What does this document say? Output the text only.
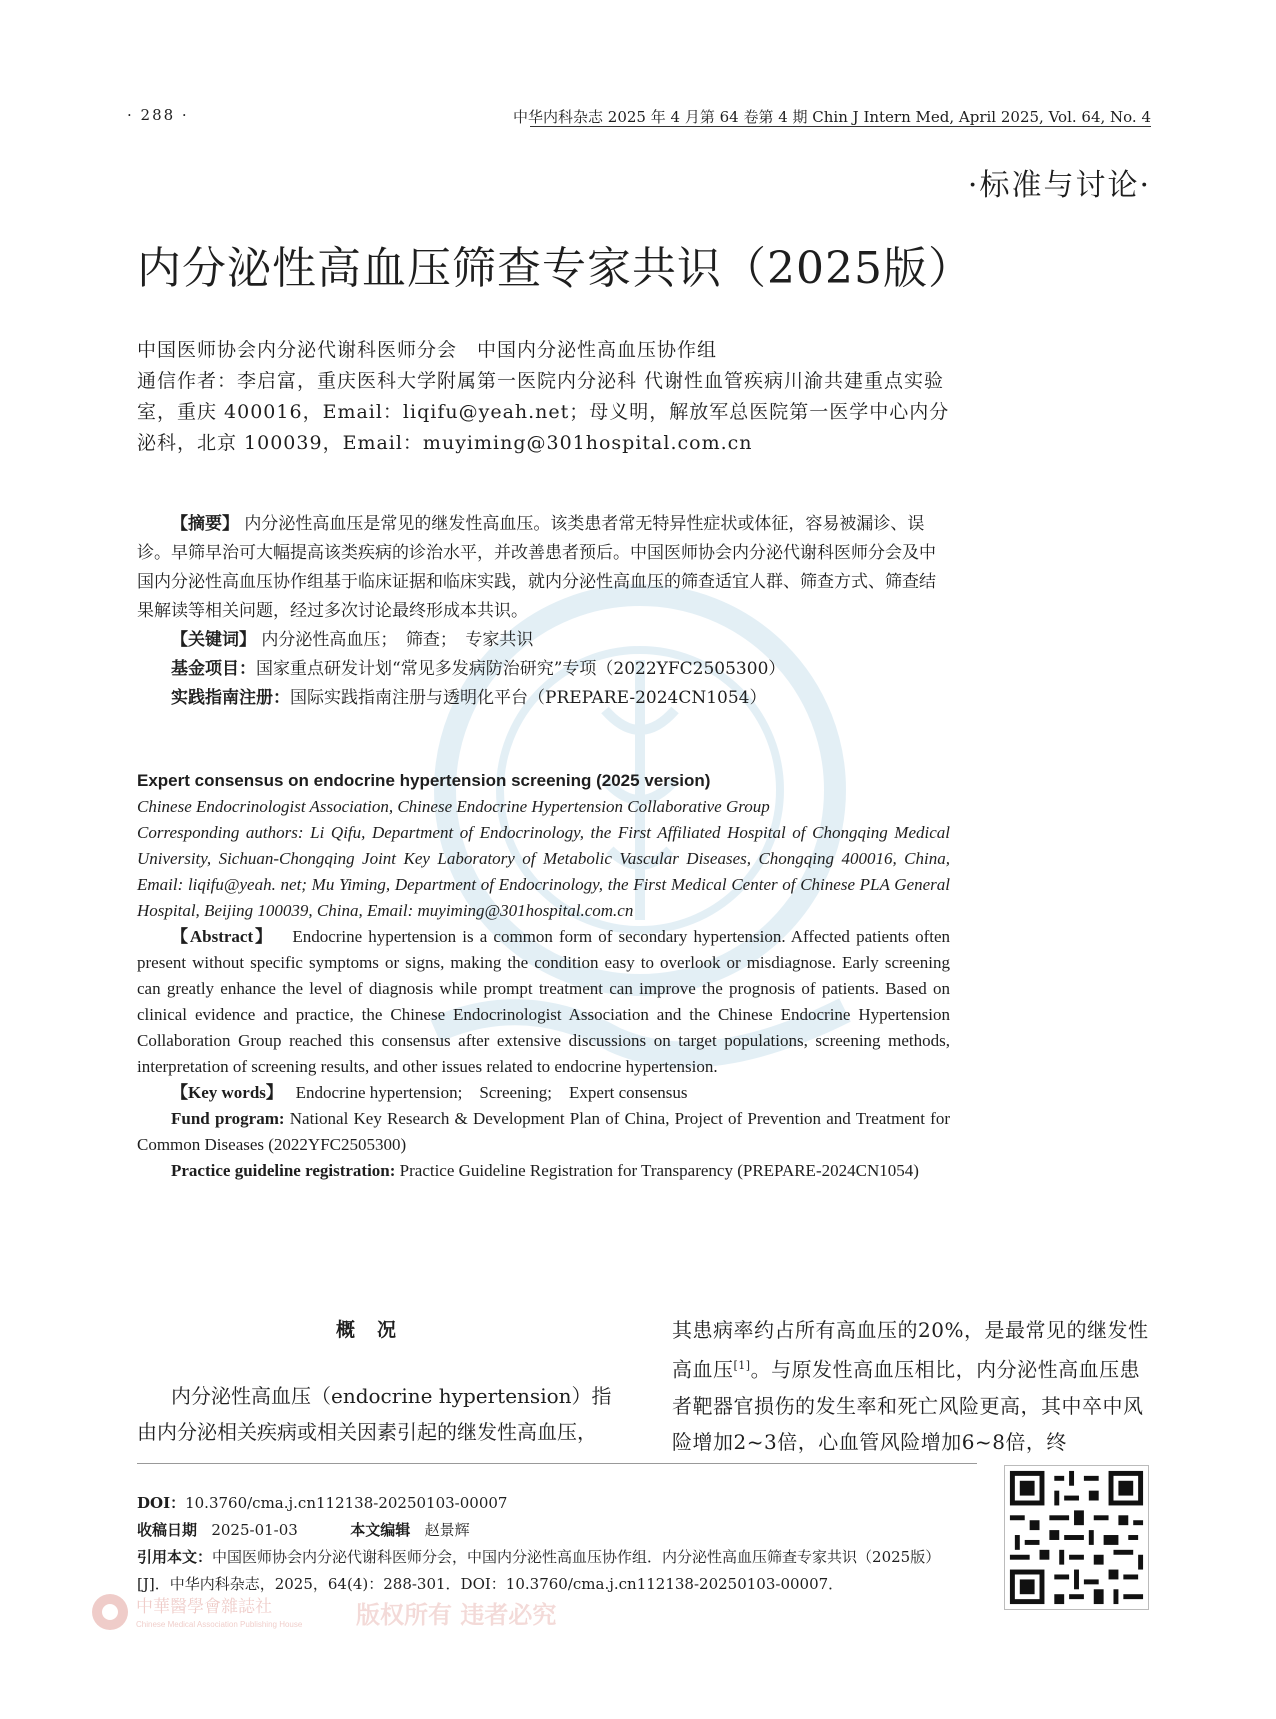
· 288 ·	中华内科杂志 2025 年 4 月第 64 卷第 4 期 Chin J Intern Med, April 2025, Vol. 64, No. 4
·标准与讨论·
内分泌性高血压筛查专家共识（2025版）
中国医师协会内分泌代谢科医师分会　中国内分泌性高血压协作组
通信作者：李启富，重庆医科大学附属第一医院内分泌科 代谢性血管疾病川渝共建重点实验室，重庆 400016，Email：liqifu@yeah.net；母义明，解放军总医院第一医学中心内分泌科，北京 100039，Email：muyiming@301hospital.com.cn

【摘要】 内分泌性高血压是常见的继发性高血压。该类患者常无特异性症状或体征，容易被漏诊、误诊。早筛早治可大幅提高该类疾病的诊治水平，并改善患者预后。中国医师协会内分泌代谢科医师分会及中国内分泌性高血压协作组基于临床证据和临床实践，就内分泌性高血压的筛查适宜人群、筛查方式、筛查结果解读等相关问题，经过多次讨论最终形成本共识。

【关键词】 内分泌性高血压；　筛查；　专家共识

基金项目：国家重点研发计划“常见多发病防治研究”专项（2022YFC2505300）

实践指南注册：国际实践指南注册与透明化平台（PREPARE-2024CN1054）

Expert consensus on endocrine hypertension screening (2025 version)

Chinese Endocrinologist Association, Chinese Endocrine Hypertension Collaborative Group

Corresponding authors: Li Qifu, Department of Endocrinology, the First Affiliated Hospital of Chongqing Medical University, Sichuan-Chongqing Joint Key Laboratory of Metabolic Vascular Diseases, Chongqing 400016, China, Email: liqifu@yeah. net; Mu Yiming, Department of Endocrinology, the First Medical Center of Chinese PLA General Hospital, Beijing 100039, China, Email: muyiming@301hospital.com.cn

【Abstract】 Endocrine hypertension is a common form of secondary hypertension. Affected patients often present without specific symptoms or signs, making the condition easy to overlook or misdiagnose. Early screening can greatly enhance the level of diagnosis while prompt treatment can improve the prognosis of patients. Based on clinical evidence and practice, the Chinese Endocrinologist Association and the Chinese Endocrine Hypertension Collaboration Group reached this consensus after extensive discussions on target populations, screening methods, interpretation of screening results, and other issues related to endocrine hypertension.

【Key words】 Endocrine hypertension;　Screening;　Expert consensus

Fund program: National Key Research & Development Plan of China, Project of Prevention and Treatment for Common Diseases (2022YFC2505300)

Practice guideline registration: Practice Guideline Registration for Transparency (PREPARE-2024CN1054)

概况

内分泌性高血压（endocrine hypertension）指由内分泌相关疾病或相关因素引起的继发性高血压，

其患病率约占所有高血压的20%，是最常见的继发性高血压[1]。与原发性高血压相比，内分泌性高血压患者靶器官损伤的发生率和死亡风险更高，其中卒中风险增加2~3倍，心血管风险增加6~8倍，终

DOI：10.3760/cma.j.cn112138-20250103-00007

收稿日期 2025-01-03	本文编辑 赵景辉

引用本文：中国医师协会内分泌代谢科医师分会，中国内分泌性高血压协作组．内分泌性高血压筛查专家共识（2025版）[J]．中华内科杂志，2025，64(4)：288-301．DOI：10.3760/cma.j.cn112138-20250103-00007．

中華醫學會雜誌社
Chinese Medical Association Publishing House 版权所有 违者必究
